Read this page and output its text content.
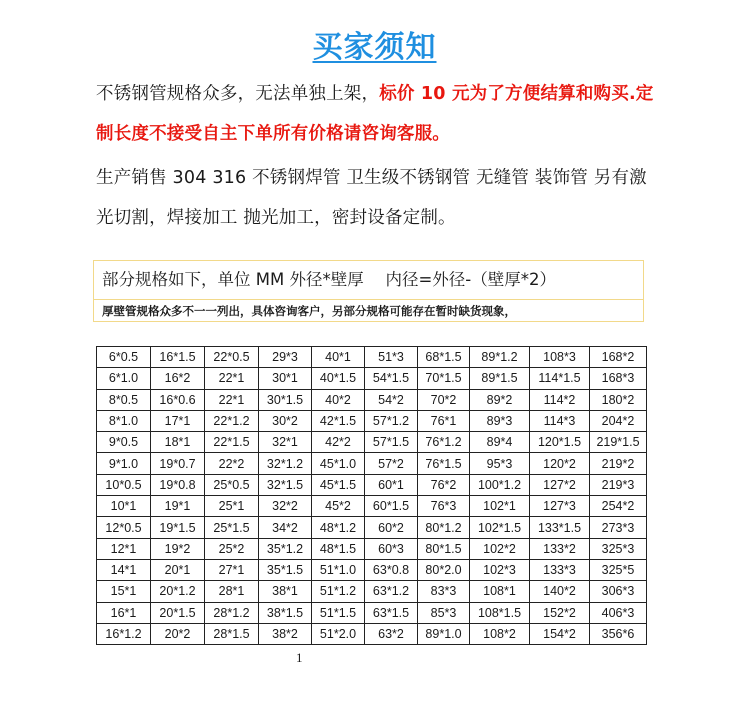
买家须知
不锈钢管规格众多，无法单独上架，标价 10 元为了方便结算和购买.定制长度不接受自主下单所有价格请咨询客服。
生产销售 304 316 不锈钢焊管 卫生级不锈钢管 无缝管 装饰管 另有激光切割，焊接加工 抛光加工，密封设备定制。
部分规格如下，单位 MM 外径*壁厚　 内径=外径-（壁厚*2）
厚壁管规格众多不一一列出，具体咨询客户，另部分规格可能存在暂时缺货现象，
6*0.5	16*1.5	22*0.5	29*3	40*1	51*3	68*1.5	89*1.2	108*3	168*2
6*1.0	16*2	22*1	30*1	40*1.5	54*1.5	70*1.5	89*1.5	114*1.5	168*3
8*0.5	16*0.6	22*1	30*1.5	40*2	54*2	70*2	89*2	114*2	180*2
8*1.0	17*1	22*1.2	30*2	42*1.5	57*1.2	76*1	89*3	114*3	204*2
9*0.5	18*1	22*1.5	32*1	42*2	57*1.5	76*1.2	89*4	120*1.5	219*1.5
9*1.0	19*0.7	22*2	32*1.2	45*1.0	57*2	76*1.5	95*3	120*2	219*2
10*0.5	19*0.8	25*0.5	32*1.5	45*1.5	60*1	76*2	100*1.2	127*2	219*3
10*1	19*1	25*1	32*2	45*2	60*1.5	76*3	102*1	127*3	254*2
12*0.5	19*1.5	25*1.5	34*2	48*1.2	60*2	80*1.2	102*1.5	133*1.5	273*3
12*1	19*2	25*2	35*1.2	48*1.5	60*3	80*1.5	102*2	133*2	325*3
14*1	20*1	27*1	35*1.5	51*1.0	63*0.8	80*2.0	102*3	133*3	325*5
15*1	20*1.2	28*1	38*1	51*1.2	63*1.2	83*3	108*1	140*2	306*3
16*1	20*1.5	28*1.2	38*1.5	51*1.5	63*1.5	85*3	108*1.5	152*2	406*3
16*1.2	20*2	28*1.5	38*2	51*2.0	63*2	89*1.0	108*2	154*2	356*6
1
